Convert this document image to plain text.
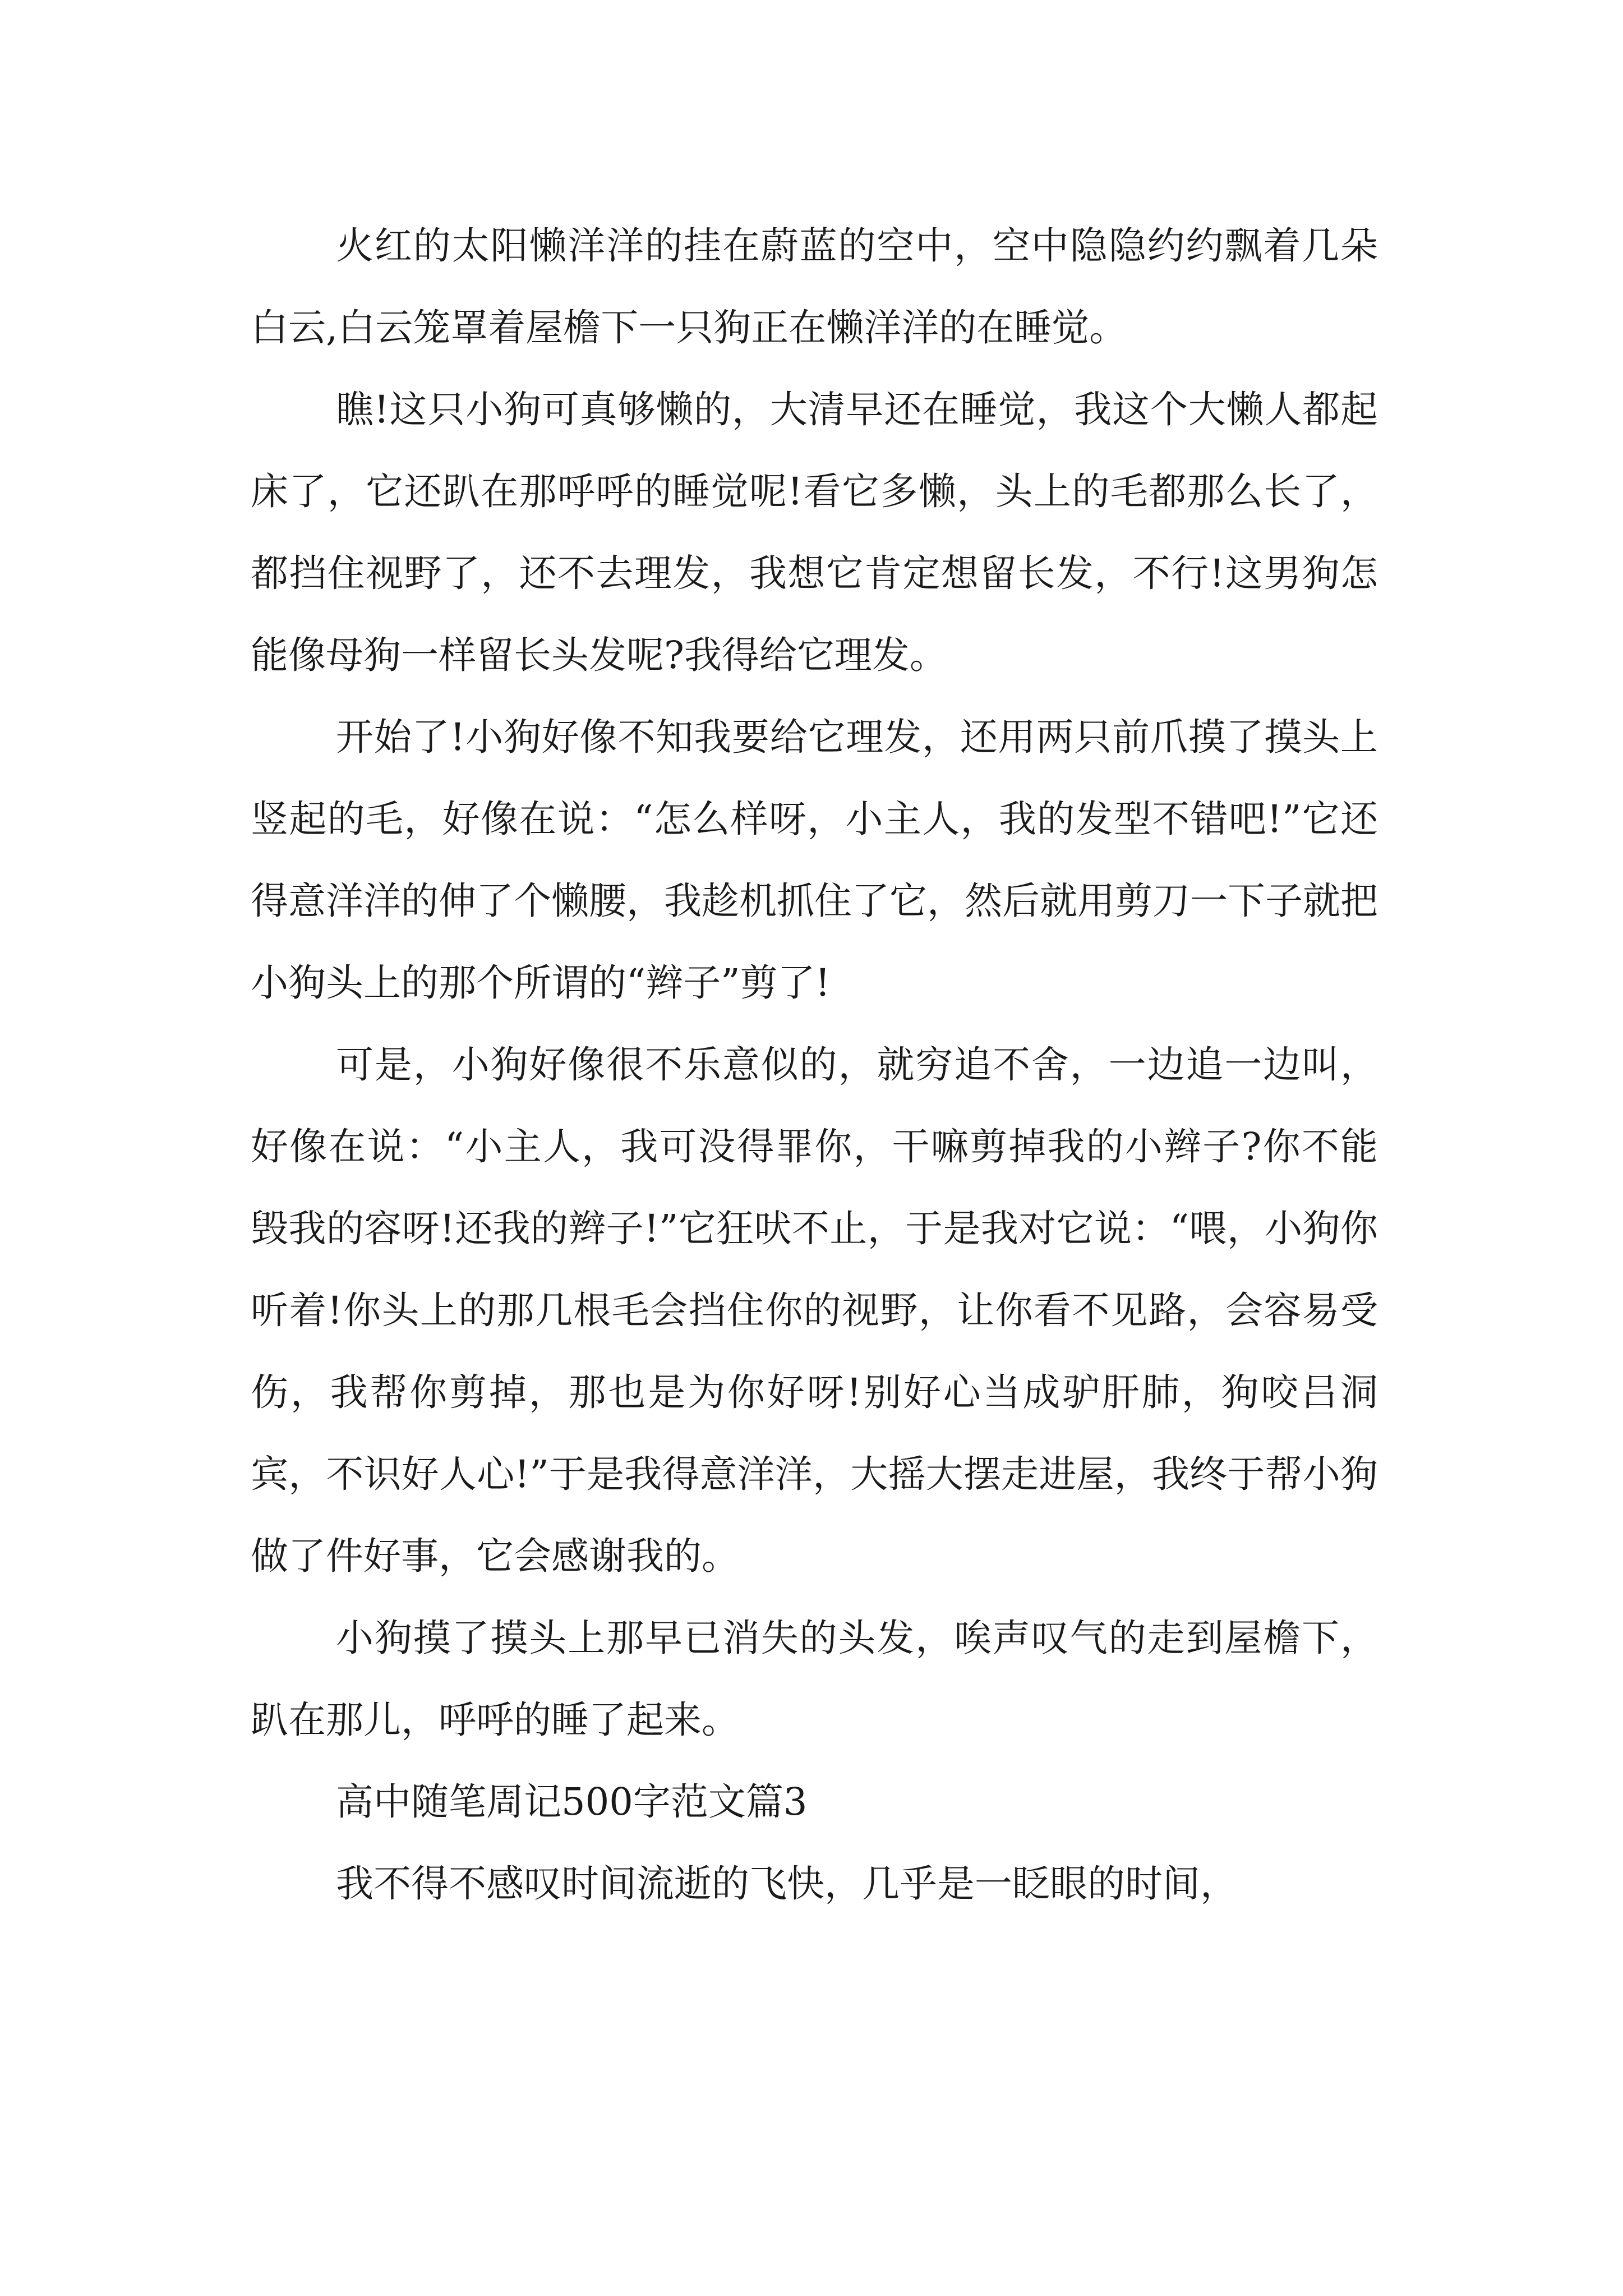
火红的太阳懒洋洋的挂在蔚蓝的空中，空中隐隐约约飘着几朵白云,白云笼罩着屋檐下一只狗正在懒洋洋的在睡觉。

瞧!这只小狗可真够懒的，大清早还在睡觉，我这个大懒人都起床了，它还趴在那呼呼的睡觉呢!看它多懒，头上的毛都那么长了，都挡住视野了，还不去理发，我想它肯定想留长发，不行!这男狗怎能像母狗一样留长头发呢?我得给它理发。

开始了!小狗好像不知我要给它理发，还用两只前爪摸了摸头上竖起的毛，好像在说：“怎么样呀，小主人，我的发型不错吧!”它还得意洋洋的伸了个懒腰，我趁机抓住了它，然后就用剪刀一下子就把小狗头上的那个所谓的“辫子”剪了!

可是，小狗好像很不乐意似的，就穷追不舍，一边追一边叫，好像在说：“小主人，我可没得罪你，干嘛剪掉我的小辫子?你不能毁我的容呀!还我的辫子!”它狂吠不止，于是我对它说：“喂，小狗你听着!你头上的那几根毛会挡住你的视野，让你看不见路，会容易受伤，我帮你剪掉，那也是为你好呀!别好心当成驴肝肺，狗咬吕洞宾，不识好人心!”于是我得意洋洋，大摇大摆走进屋，我终于帮小狗做了件好事，它会感谢我的。

小狗摸了摸头上那早已消失的头发，唉声叹气的走到屋檐下，趴在那儿，呼呼的睡了起来。

高中随笔周记500字范文篇3

我不得不感叹时间流逝的飞快，几乎是一眨眼的时间，
